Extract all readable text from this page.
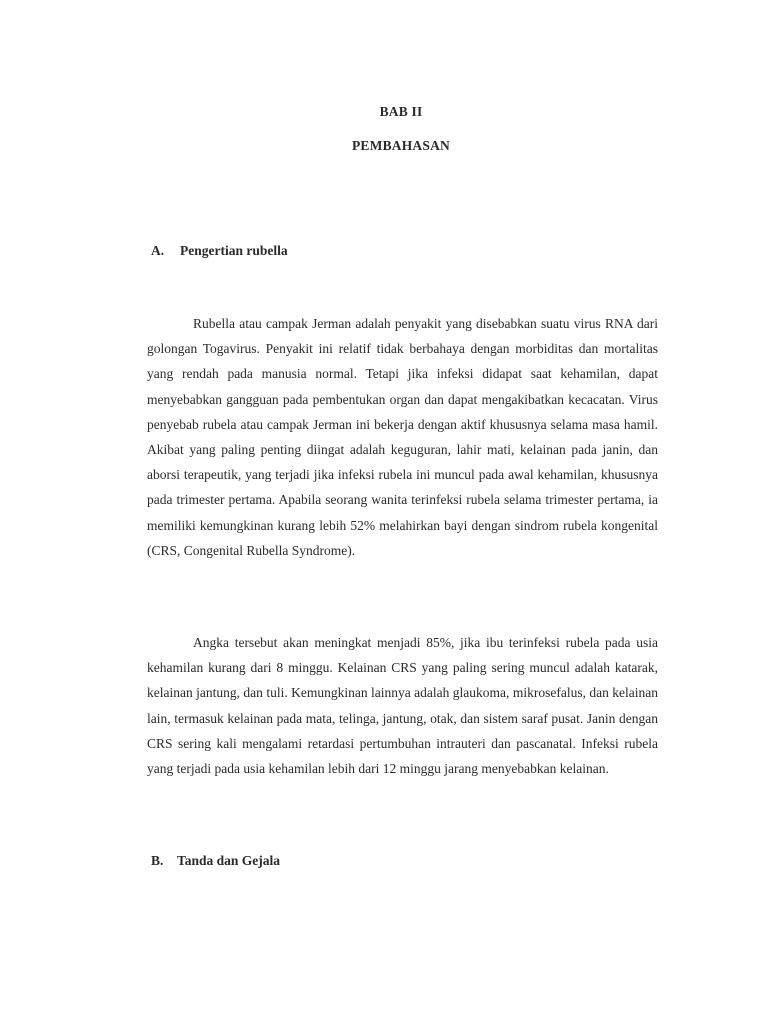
BAB II
PEMBAHASAN
A. Pengertian rubella

Rubella atau campak Jerman adalah penyakit yang disebabkan suatu virus RNA dari golongan Togavirus. Penyakit ini relatif tidak berbahaya dengan morbiditas dan mortalitas yang rendah pada manusia normal. Tetapi jika infeksi didapat saat kehamilan, dapat menyebabkan gangguan pada pembentukan organ dan dapat mengakibatkan kecacatan. Virus penyebab rubela atau campak Jerman ini bekerja dengan aktif khususnya selama masa hamil. Akibat yang paling penting diingat adalah keguguran, lahir mati, kelainan pada janin, dan aborsi terapeutik, yang terjadi jika infeksi rubela ini muncul pada awal kehamilan, khususnya pada trimester pertama. Apabila seorang wanita terinfeksi rubela selama trimester pertama, ia memiliki kemungkinan kurang lebih 52% melahirkan bayi dengan sindrom rubela kongenital (CRS, Congenital Rubella Syndrome).

Angka tersebut akan meningkat menjadi 85%, jika ibu terinfeksi rubela pada usia kehamilan kurang dari 8 minggu. Kelainan CRS yang paling sering muncul adalah katarak, kelainan jantung, dan tuli. Kemungkinan lainnya adalah glaukoma, mikrosefalus, dan kelainan lain, termasuk kelainan pada mata, telinga, jantung, otak, dan sistem saraf pusat. Janin dengan CRS sering kali mengalami retardasi pertumbuhan intrauteri dan pascanatal. Infeksi rubela yang terjadi pada usia kehamilan lebih dari 12 minggu jarang menyebabkan kelainan.

B. Tanda dan Gejala
